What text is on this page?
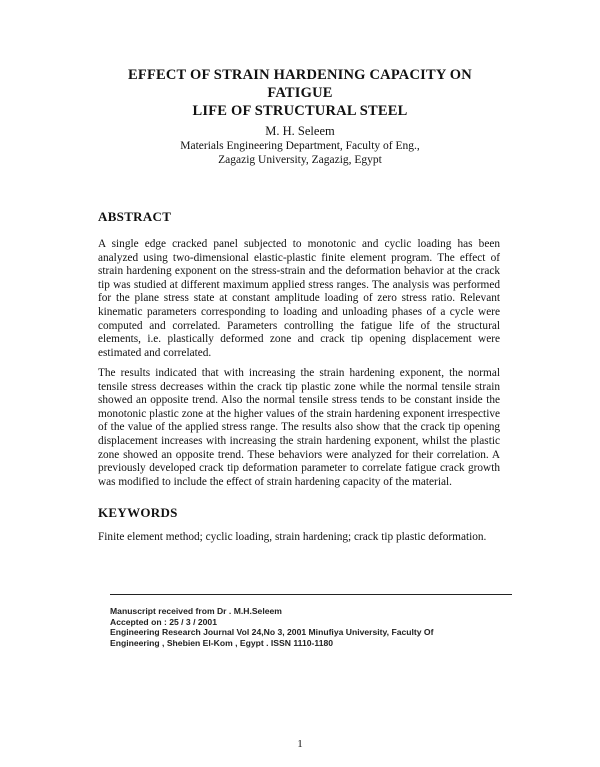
EFFECT OF STRAIN HARDENING CAPACITY ON FATIGUE
LIFE OF STRUCTURAL STEEL
M. H. Seleem
Materials Engineering Department, Faculty of Eng.,
Zagazig University, Zagazig, Egypt
ABSTRACT

A single edge cracked panel subjected to monotonic and cyclic loading has been analyzed using two-dimensional elastic-plastic finite element program. The effect of strain hardening exponent on the stress-strain and the deformation behavior at the crack tip was studied at different maximum applied stress ranges. The analysis was performed for the plane stress state at constant amplitude loading of zero stress ratio. Relevant kinematic parameters corresponding to loading and unloading phases of a cycle were computed and correlated. Parameters controlling the fatigue life of the structural elements, i.e. plastically deformed zone and crack tip opening displacement were estimated and correlated.

The results indicated that with increasing the strain hardening exponent, the normal tensile stress decreases within the crack tip plastic zone while the normal tensile strain showed an opposite trend. Also the normal tensile stress tends to be constant inside the monotonic plastic zone at the higher values of the strain hardening exponent irrespective of the value of the applied stress range. The results also show that the crack tip opening displacement increases with increasing the strain hardening exponent, whilst the plastic zone showed an opposite trend. These behaviors were analyzed for their correlation. A previously developed crack tip deformation parameter to correlate fatigue crack growth was modified to include the effect of strain hardening capacity of the material.

KEYWORDS

Finite element method; cyclic loading, strain hardening; crack tip plastic deformation.

Manuscript received from Dr . M.H.Seleem
Accepted on : 25 / 3 / 2001
Engineering Research Journal Vol 24,No 3, 2001 Minufiya University, Faculty Of
Engineering , Shebien El-Kom , Egypt . ISSN 1110-1180
1
